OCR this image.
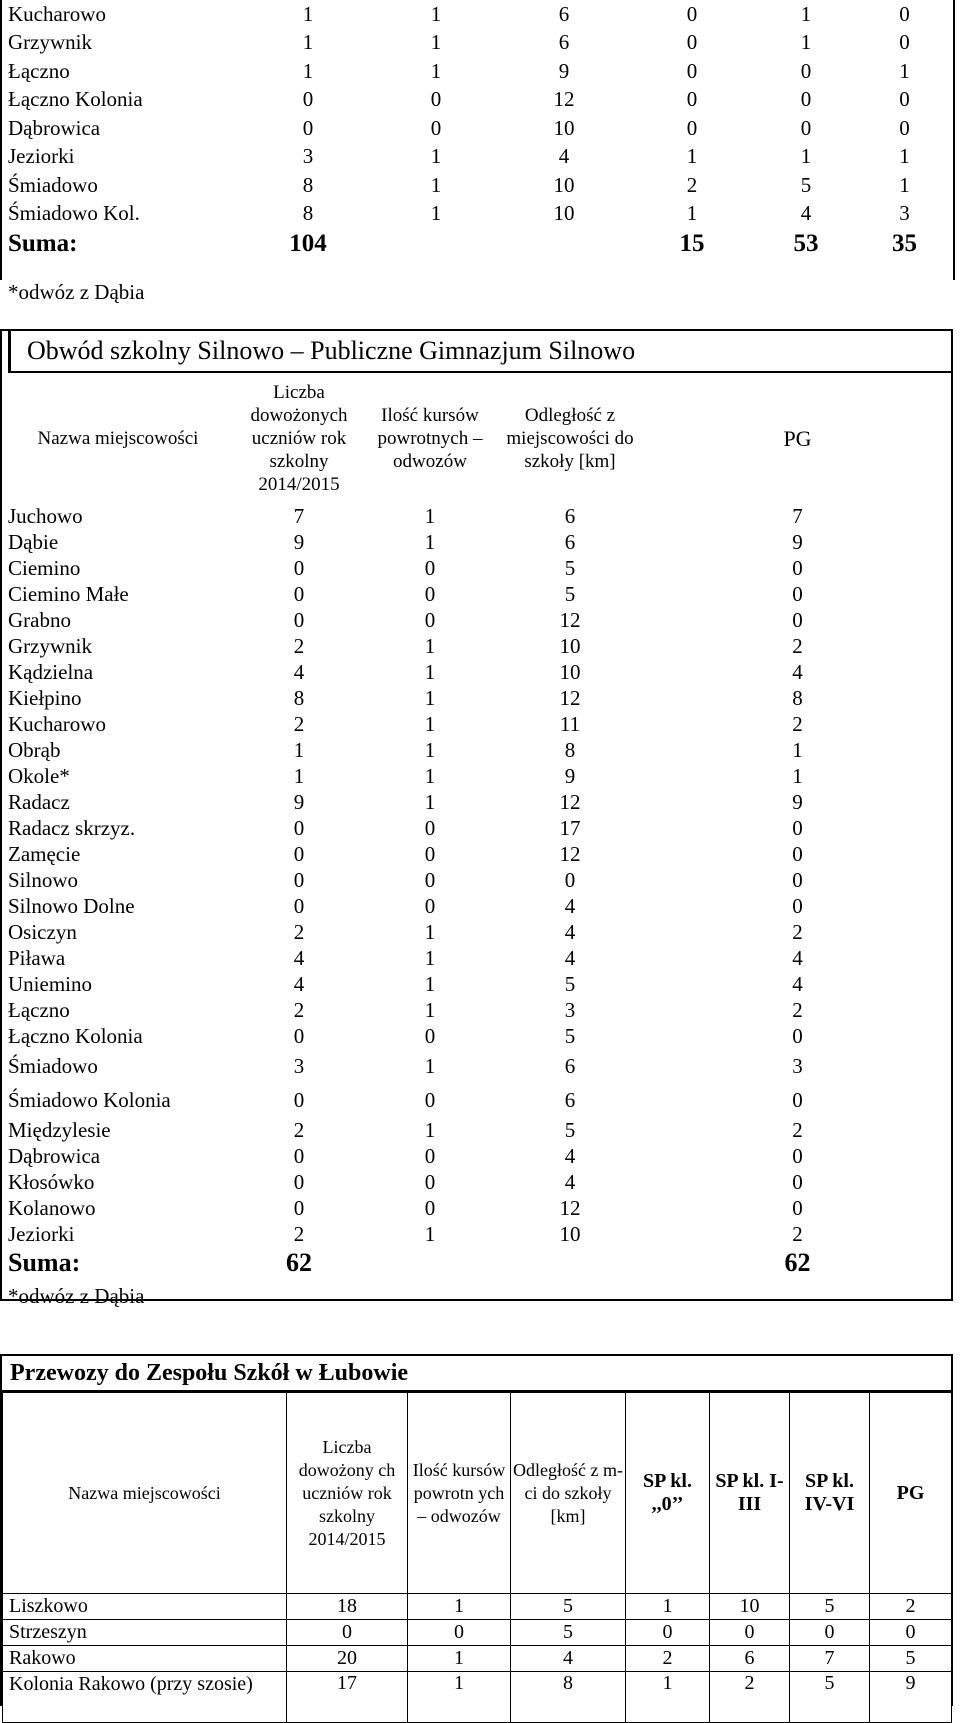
Kucharowo	1	1	6	0	1	0
Grzywnik	1	1	6	0	1	0
Łączno	1	1	9	0	0	1
Łączno Kolonia	0	0	12	0	0	0
Dąbrowica	0	0	10	0	0	0
Jeziorki	3	1	4	1	1	1
Śmiadowo	8	1	10	2	5	1
Śmiadowo Kol.	8	1	10	1	4	3
Suma:	104			15	53	35
*odwóz z Dąbia
Obwód szkolny Silnowo – Publiczne Gimnazjum Silnowo
Nazwa miejscowości	Liczba dowożonych uczniów rok szkolny 2014/2015	Ilość kursów powrotnych – odwozów	Odległość z miejscowości do szkoły [km]	PG
Juchowo	7	1	6	7
Dąbie	9	1	6	9
Ciemino	0	0	5	0
Ciemino Małe	0	0	5	0
Grabno	0	0	12	0
Grzywnik	2	1	10	2
Kądzielna	4	1	10	4
Kiełpino	8	1	12	8
Kucharowo	2	1	11	2
Obrąb	1	1	8	1
Okole*	1	1	9	1
Radacz	9	1	12	9
Radacz skrzyz.	0	0	17	0
Zamęcie	0	0	12	0
Silnowo	0	0	0	0
Silnowo Dolne	0	0	4	0
Osiczyn	2	1	4	2
Piława	4	1	4	4
Uniemino	4	1	5	4
Łączno	2	1	3	2
Łączno Kolonia	0	0	5	0
Śmiadowo	3	1	6	3
Śmiadowo Kolonia	0	0	6	0
Międzylesie	2	1	5	2
Dąbrowica	0	0	4	0
Kłosówko	0	0	4	0
Kolanowo	0	0	12	0
Jeziorki	2	1	10	2
Suma:	62			62
*odwóz z Dąbia
Przewozy do Zespołu Szkół w Łubowie
Nazwa miejscowości	Liczba dowożony ch uczniów rok szkolny 2014/2015	Ilość kursów powrotn ych – odwozów	Odległość z m-ci do szkoły [km]	SP kl. ,,0’’	SP kl. I-III	SP kl. IV-VI	PG
Liszkowo	18	1	5	1	10	5	2
Strzeszyn	0	0	5	0	0	0	0
Rakowo	20	1	4	2	6	7	5
Kolonia Rakowo (przy szosie)	17	1	8	1	2	5	9
